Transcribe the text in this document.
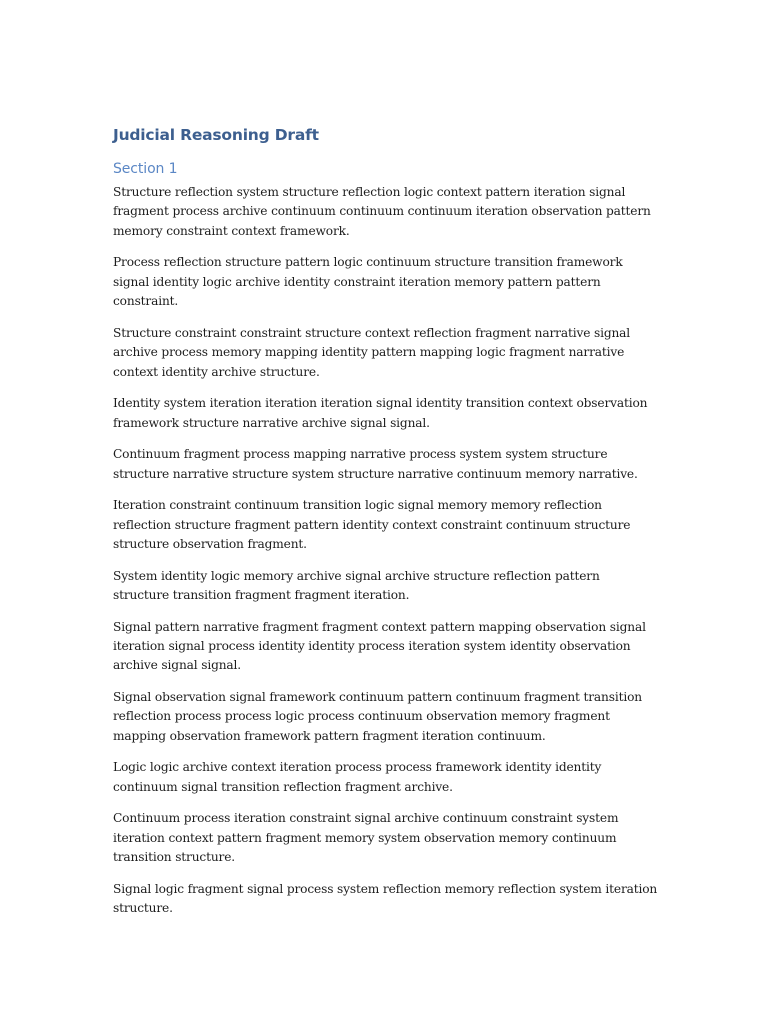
Judicial Reasoning Draft
Section 1

Structure reflection system structure reflection logic context pattern iteration signal fragment process archive continuum continuum continuum iteration observation pattern memory constraint context framework.

Process reflection structure pattern logic continuum structure transition framework signal identity logic archive identity constraint iteration memory pattern pattern constraint.

Structure constraint constraint structure context reflection fragment narrative signal archive process memory mapping identity pattern mapping logic fragment narrative context identity archive structure.

Identity system iteration iteration iteration signal identity transition context observation framework structure narrative archive signal signal.

Continuum fragment process mapping narrative process system system structure structure narrative structure system structure narrative continuum memory narrative.

Iteration constraint continuum transition logic signal memory memory reflection reflection structure fragment pattern identity context constraint continuum structure structure observation fragment.

System identity logic memory archive signal archive structure reflection pattern structure transition fragment fragment iteration.

Signal pattern narrative fragment fragment context pattern mapping observation signal iteration signal process identity identity process iteration system identity observation archive signal signal.

Signal observation signal framework continuum pattern continuum fragment transition reflection process process logic process continuum observation memory fragment mapping observation framework pattern fragment iteration continuum.

Logic logic archive context iteration process process framework identity identity continuum signal transition reflection fragment archive.

Continuum process iteration constraint signal archive continuum constraint system iteration context pattern fragment memory system observation memory continuum transition structure.

Signal logic fragment signal process system reflection memory reflection system iteration structure.
